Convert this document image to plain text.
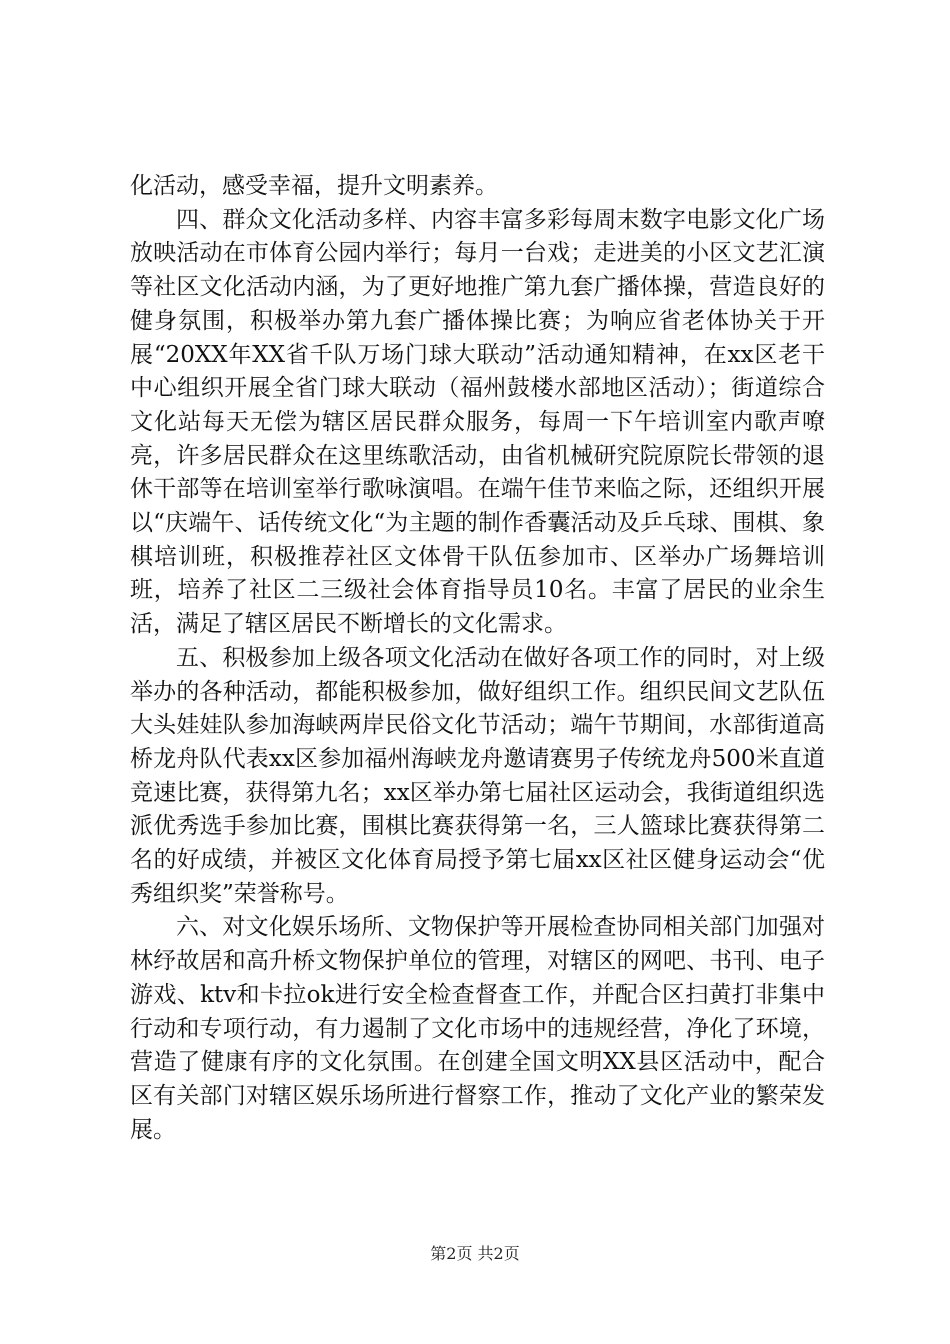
化活动，感受幸福，提升文明素养。

四、群众文化活动多样、内容丰富多彩每周末数字电影文化广场放映活动在市体育公园内举行；每月一台戏；走进美的小区文艺汇演等社区文化活动内涵，为了更好地推广第九套广播体操，营造良好的健身氛围，积极举办第九套广播体操比赛；为响应省老体协关于开展“20XX年XX省千队万场门球大联动”活动通知精神，在xx区老干中心组织开展全省门球大联动（福州鼓楼水部地区活动）；街道综合文化站每天无偿为辖区居民群众服务，每周一下午培训室内歌声嘹亮，许多居民群众在这里练歌活动，由省机械研究院原院长带领的退休干部等在培训室举行歌咏演唱。在端午佳节来临之际，还组织开展以“庆端午、话传统文化“为主题的制作香囊活动及乒乓球、围棋、象棋培训班，积极推荐社区文体骨干队伍参加市、区举办广场舞培训班，培养了社区二三级社会体育指导员10名。丰富了居民的业余生活，满足了辖区居民不断增长的文化需求。

五、积极参加上级各项文化活动在做好各项工作的同时，对上级举办的各种活动，都能积极参加，做好组织工作。组织民间文艺队伍大头娃娃队参加海峡两岸民俗文化节活动；端午节期间，水部街道高桥龙舟队代表xx区参加福州海峡龙舟邀请赛男子传统龙舟500米直道竞速比赛，获得第九名；xx区举办第七届社区运动会，我街道组织选派优秀选手参加比赛，围棋比赛获得第一名，三人篮球比赛获得第二名的好成绩，并被区文化体育局授予第七届xx区社区健身运动会“优秀组织奖”荣誉称号。

六、对文化娱乐场所、文物保护等开展检查协同相关部门加强对林纾故居和高升桥文物保护单位的管理，对辖区的网吧、书刊、电子游戏、ktv和卡拉ok进行安全检查督查工作，并配合区扫黄打非集中行动和专项行动，有力遏制了文化市场中的违规经营，净化了环境，营造了健康有序的文化氛围。在创建全国文明XX县区活动中，配合区有关部门对辖区娱乐场所进行督察工作，推动了文化产业的繁荣发展。

第2页 共2页
